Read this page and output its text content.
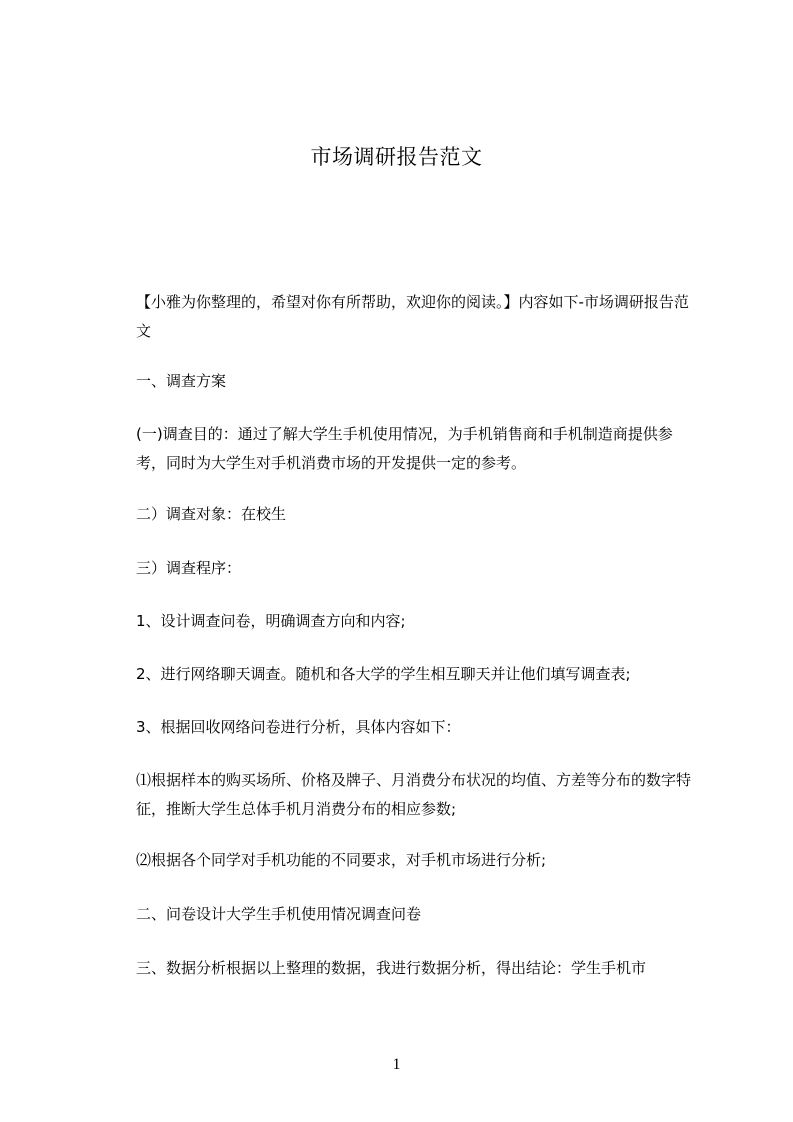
市场调研报告范文

【小雅为你整理的，希望对你有所帮助，欢迎你的阅读。】内容如下-市场调研报告范文

一、调查方案

(一)调查目的：通过了解大学生手机使用情况，为手机销售商和手机制造商提供参考，同时为大学生对手机消费市场的开发提供一定的参考。

二）调查对象：在校生

三）调查程序：

1、设计调查问卷，明确调查方向和内容;

2、进行网络聊天调查。随机和各大学的学生相互聊天并让他们填写调查表;

3、根据回收网络问卷进行分析，具体内容如下：

⑴根据样本的购买场所、价格及牌子、月消费分布状况的均值、方差等分布的数字特征，推断大学生总体手机月消费分布的相应参数;

⑵根据各个同学对手机功能的不同要求，对手机市场进行分析;

二、问卷设计大学生手机使用情况调查问卷

三、数据分析根据以上整理的数据，我进行数据分析，得出结论：学生手机市

1
